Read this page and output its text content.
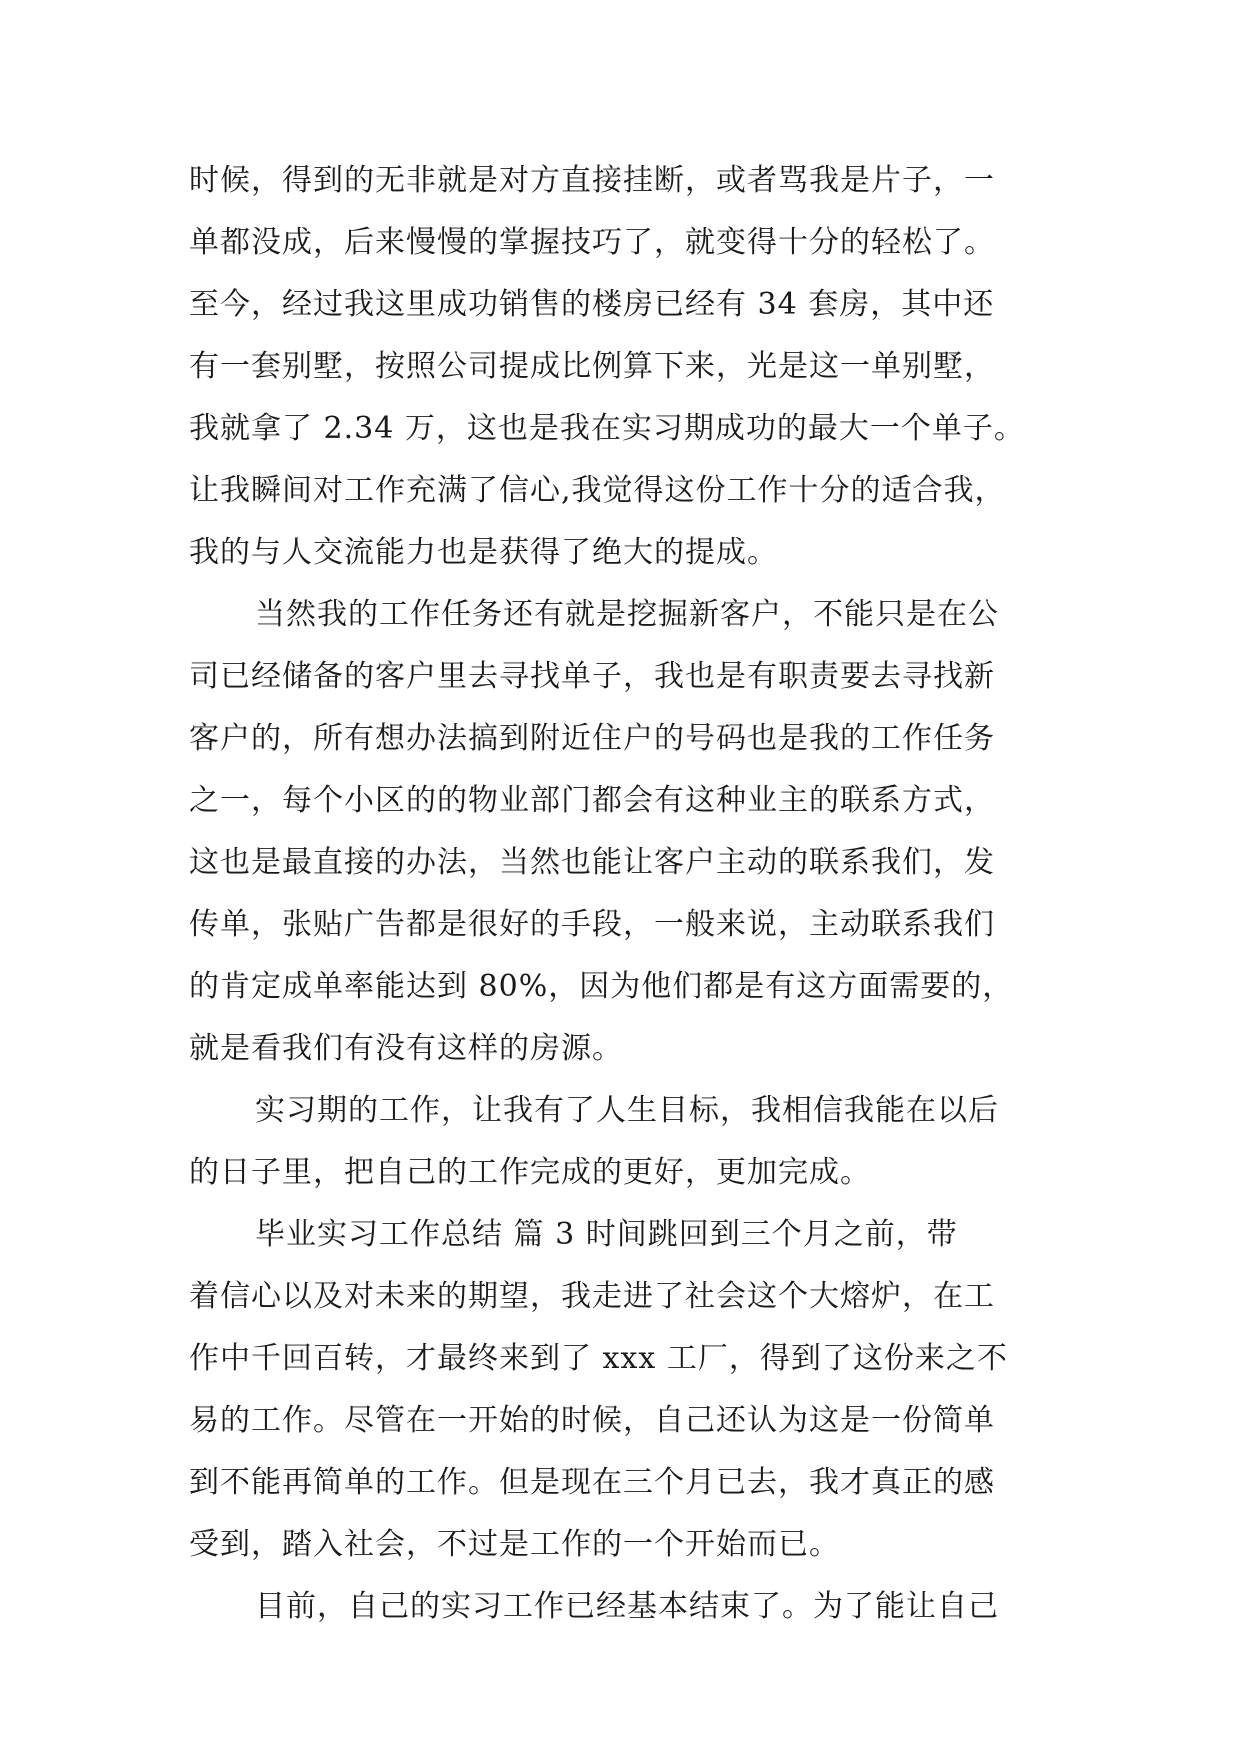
时候，得到的无非就是对方直接挂断，或者骂我是片子，一
单都没成，后来慢慢的掌握技巧了，就变得十分的轻松了。
至今，经过我这里成功销售的楼房已经有 34 套房，其中还
有一套别墅，按照公司提成比例算下来，光是这一单别墅，
我就拿了 2.34 万，这也是我在实习期成功的最大一个单子。
让我瞬间对工作充满了信心,我觉得这份工作十分的适合我，
我的与人交流能力也是获得了绝大的提成。
当然我的工作任务还有就是挖掘新客户，不能只是在公
司已经储备的客户里去寻找单子，我也是有职责要去寻找新
客户的，所有想办法搞到附近住户的号码也是我的工作任务
之一，每个小区的的物业部门都会有这种业主的联系方式，
这也是最直接的办法，当然也能让客户主动的联系我们，发
传单，张贴广告都是很好的手段，一般来说，主动联系我们
的肯定成单率能达到 80%，因为他们都是有这方面需要的，
就是看我们有没有这样的房源。
实习期的工作，让我有了人生目标，我相信我能在以后
的日子里，把自己的工作完成的更好，更加完成。
毕业实习工作总结 篇 3 时间跳回到三个月之前，带
着信心以及对未来的期望，我走进了社会这个大熔炉，在工
作中千回百转，才最终来到了 xxx 工厂，得到了这份来之不
易的工作。尽管在一开始的时候，自己还认为这是一份简单
到不能再简单的工作。但是现在三个月已去，我才真正的感
受到，踏入社会，不过是工作的一个开始而已。
目前，自己的实习工作已经基本结束了。为了能让自己
